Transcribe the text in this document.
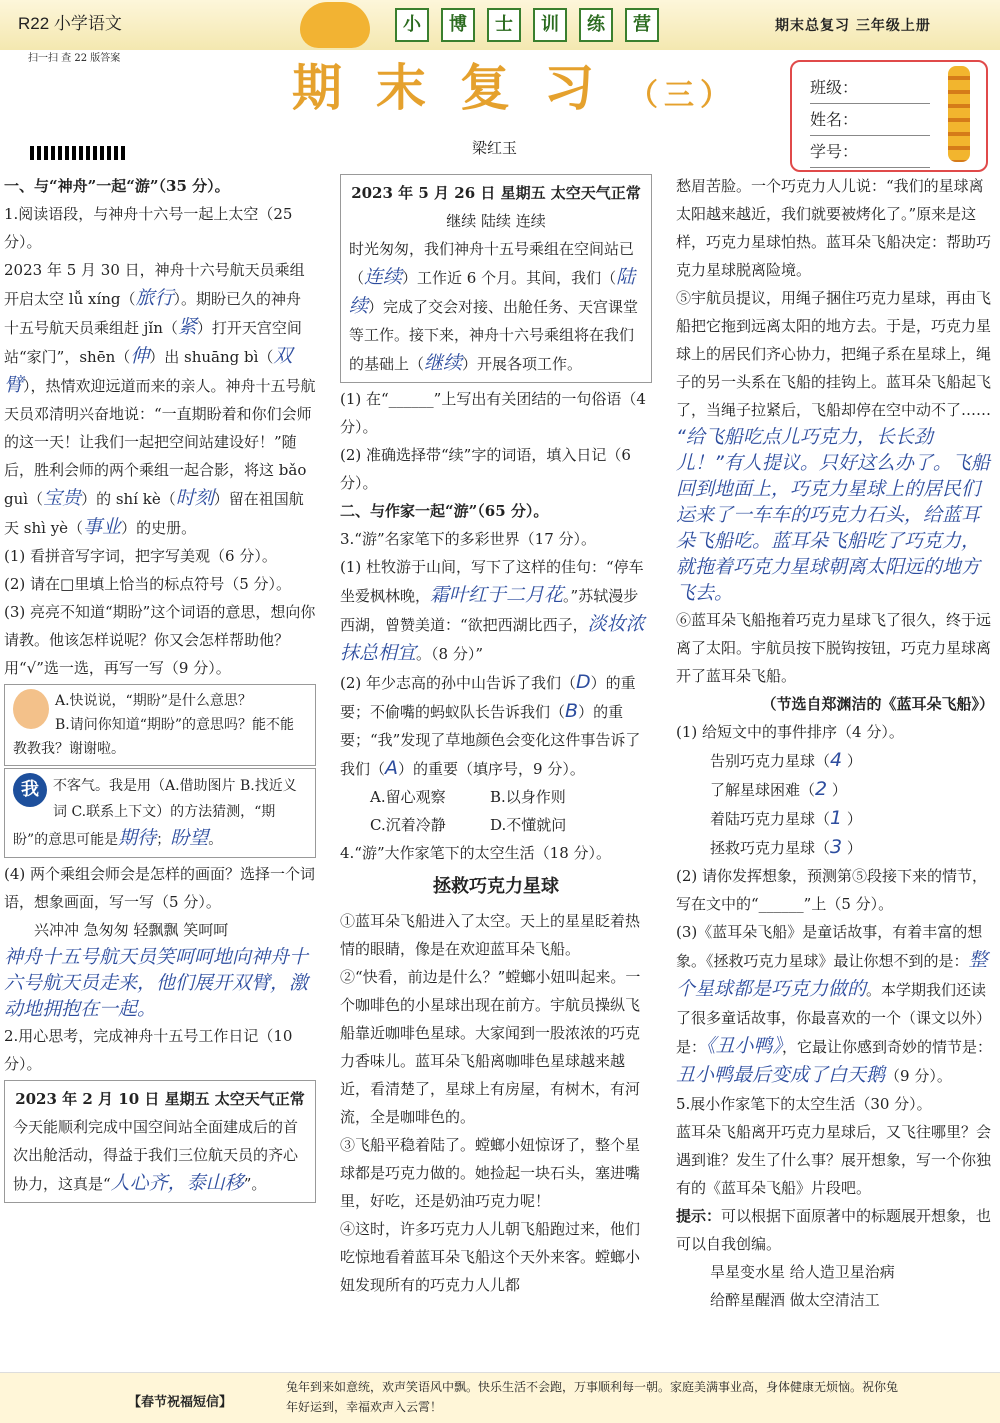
R22 小学语文	小	博	士	训	练	营	期末总复习 三年级上册
扫一扫 查 22 版答案
期末复习（三）
梁红玉
班级：
姓名：
学号：

一、与“神舟”一起“游”（35 分）。

1.阅读语段，与神舟十六号一起上太空（25 分）。

2023 年 5 月 30 日，神舟十六号航天员乘组开启太空 lǚ xíng（旅行）。期盼已久的神舟十五号航天员乘组赶 jǐn（紧）打开天宫空间站“家门”，shēn（伸）出 shuāng bì（双臂），热情欢迎远道而来的亲人。神舟十五号航天员邓清明兴奋地说：“一直期盼着和你们会师的这一天！让我们一起把空间站建设好！”随后，胜利会师的两个乘组一起合影，将这 bǎo guì（宝贵）的 shí kè（时刻）留在祖国航天 shì yè（事业）的史册。

(1) 看拼音写字词，把字写美观（6 分）。

(2) 请在□里填上恰当的标点符号（5 分）。

(3) 亮亮不知道“期盼”这个词语的意思，想向你请教。他该怎样说呢？你又会怎样帮助他？用“√”选一选，再写一写（9 分）。

A.快说说，“期盼”是什么意思？

B.请问你知道“期盼”的意思吗？能不能教教我？谢谢啦。

我	不客气。我是用（A.借助图片 B.找近义词 C.联系上下文）的方法猜测，“期盼”的意思可能是期待；盼望。

(4) 两个乘组会师会是怎样的画面？选择一个词语，想象画面，写一写（5 分）。

兴冲冲 急匆匆 轻飘飘 笑呵呵

神舟十五号航天员笑呵呵地向神舟十六号航天员走来，他们展开双臂，激动地拥抱在一起。

2.用心思考，完成神舟十五号工作日记（10 分）。

2023 年 2 月 10 日 星期五 太空天气正常

今天能顺利完成中国空间站全面建成后的首次出舱活动，得益于我们三位航天员的齐心协力，这真是“人心齐，泰山移”。

2023 年 5 月 26 日 星期五 太空天气正常

继续 陆续 连续

时光匆匆，我们神舟十五号乘组在空间站已（连续）工作近 6 个月。其间，我们（陆续）完成了交会对接、出舱任务、天宫课堂等工作。接下来，神舟十六号乘组将在我们的基础上（继续）开展各项工作。

(1) 在“______”上写出有关团结的一句俗语（4 分）。

(2) 准确选择带“续”字的词语，填入日记（6 分）。

二、与作家一起“游”（65 分）。

3.“游”名家笔下的多彩世界（17 分）。

(1) 杜牧游于山间，写下了这样的佳句：“停车坐爱枫林晚，霜叶红于二月花。”苏轼漫步西湖，曾赞美道：“欲把西湖比西子，淡妆浓抹总相宜。（8 分）”

(2) 年少志高的孙中山告诉了我们（D）的重要；不偷嘴的蚂蚁队长告诉我们（B）的重要；“我”发现了草地颜色会变化这件事告诉了我们（A）的重要（填序号，9 分）。

A.留心观察	B.以身作则
C.沉着冷静	D.不懂就问

4.“游”大作家笔下的太空生活（18 分）。

拯救巧克力星球

①蓝耳朵飞船进入了太空。天上的星星眨着热情的眼睛，像是在欢迎蓝耳朵飞船。

②“快看，前边是什么？”螳螂小妞叫起来。一个咖啡色的小星球出现在前方。宇航员操纵飞船靠近咖啡色星球。大家闻到一股浓浓的巧克力香味儿。蓝耳朵飞船离咖啡色星球越来越近，看清楚了，星球上有房屋，有树木，有河流，全是咖啡色的。

③飞船平稳着陆了。螳螂小妞惊讶了，整个星球都是巧克力做的。她捡起一块石头，塞进嘴里，好吃，还是奶油巧克力呢！

④这时，许多巧克力人儿朝飞船跑过来，他们吃惊地看着蓝耳朵飞船这个天外来客。螳螂小妞发现所有的巧克力人儿都

愁眉苦脸。一个巧克力人儿说：“我们的星球离太阳越来越近，我们就要被烤化了。”原来是这样，巧克力星球怕热。蓝耳朵飞船决定：帮助巧克力星球脱离险境。

⑤宇航员提议，用绳子捆住巧克力星球，再由飞船把它拖到远离太阳的地方去。于是，巧克力星球上的居民们齐心协力，把绳子系在星球上，绳子的另一头系在飞船的挂钩上。蓝耳朵飞船起飞了，当绳子拉紧后，飞船却停在空中动不了……

“给飞船吃点儿巧克力，长长劲儿！”有人提议。只好这么办了。飞船回到地面上，巧克力星球上的居民们运来了一车车的巧克力石头，给蓝耳朵飞船吃。蓝耳朵飞船吃了巧克力，就拖着巧克力星球朝离太阳远的地方飞去。

⑥蓝耳朵飞船拖着巧克力星球飞了很久，终于远离了太阳。宇航员按下脱钩按钮，巧克力星球离开了蓝耳朵飞船。

（节选自郑渊洁的《蓝耳朵飞船》）

(1) 给短文中的事件排序（4 分）。

告别巧克力星球（4 ）

了解星球困难（2 ）

着陆巧克力星球（1 ）

拯救巧克力星球（3 ）

(2) 请你发挥想象，预测第⑤段接下来的情节，写在文中的“______”上（5 分）。

(3)《蓝耳朵飞船》是童话故事，有着丰富的想象。《拯救巧克力星球》最让你想不到的是：整个星球都是巧克力做的。本学期我们还读了很多童话故事，你最喜欢的一个（课文以外）是：《丑小鸭》，它最让你感到奇妙的情节是：丑小鸭最后变成了白天鹅（9 分）。

5.展小作家笔下的太空生活（30 分）。

蓝耳朵飞船离开巧克力星球后，又飞往哪里？会遇到谁？发生了什么事？展开想象，写一个你独有的《蓝耳朵飞船》片段吧。

提示：可以根据下面原著中的标题展开想象，也可以自我创编。

旱星变水星 给人造卫星治病

给醉星醒酒 做太空清洁工

【春节祝福短信】
兔年到来如意统，欢声笑语风中飘。快乐生活不会跑，万事顺利每一朝。家庭美满事业高，身体健康无烦恼。祝你兔年好运到，幸福欢声入云霄！
